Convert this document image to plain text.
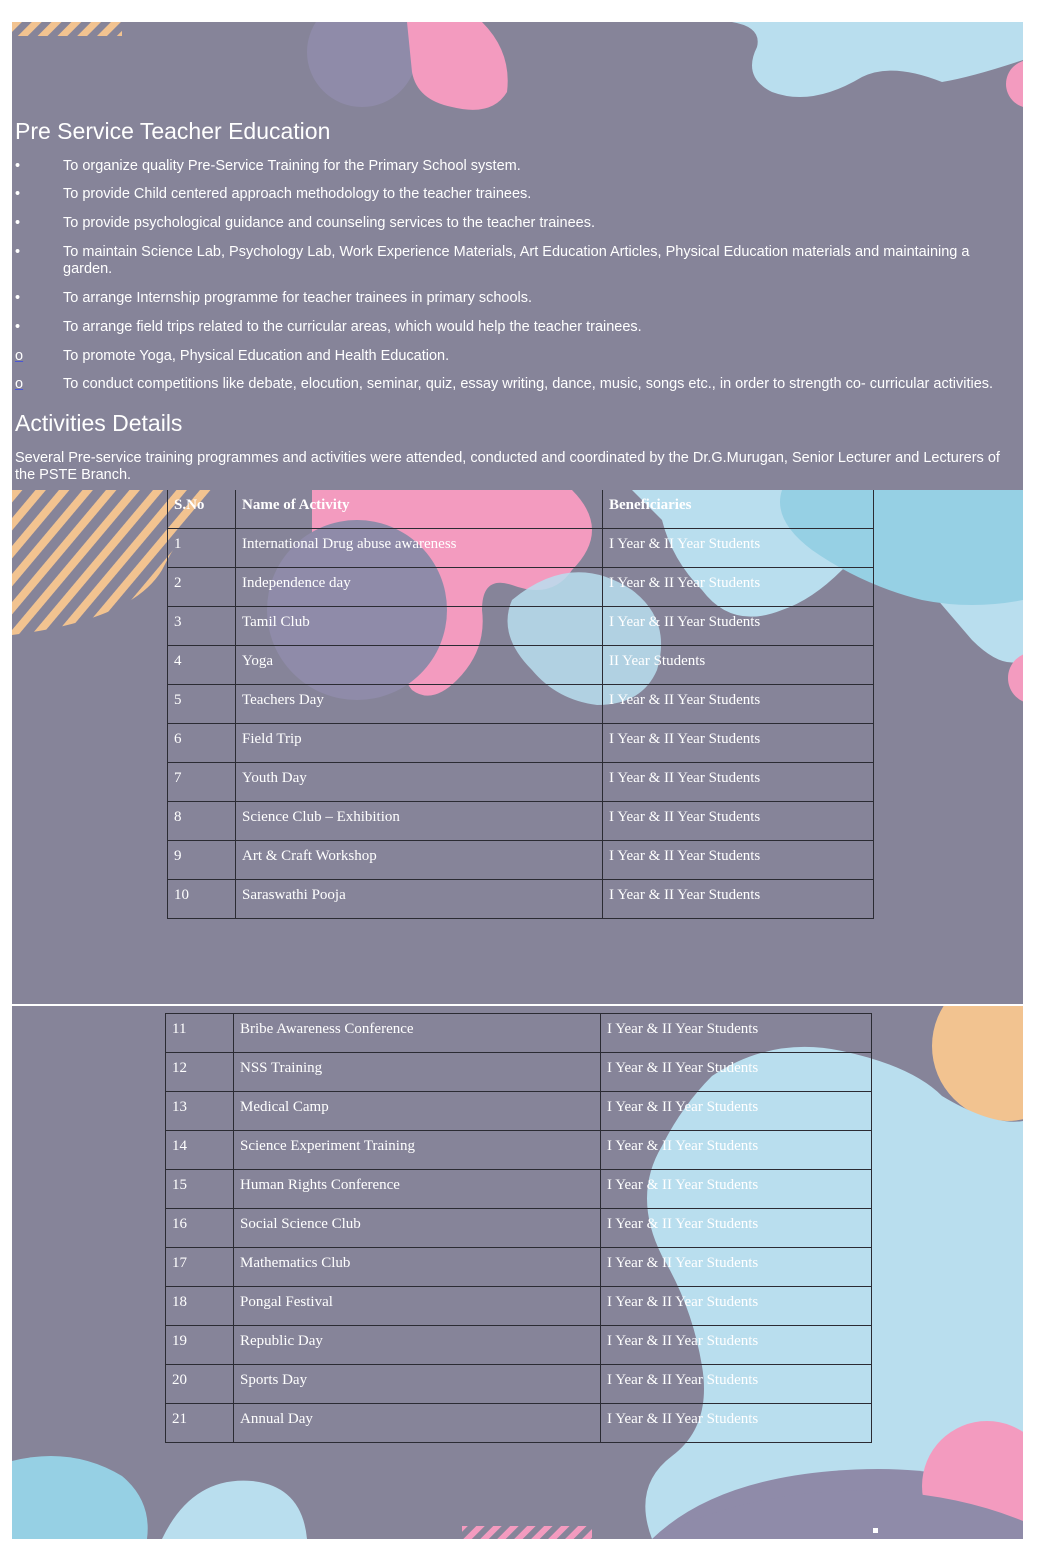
Pre Service Teacher Education
•	To organize quality Pre-Service Training for the Primary School system.
•	To provide Child centered approach methodology to the teacher trainees.
•	To provide psychological guidance and counseling services to the teacher trainees.
•	To maintain Science Lab, Psychology Lab, Work Experience Materials, Art Education Articles, Physical Education materials and maintaining a garden.
•	To arrange Internship programme for teacher trainees in primary schools.
•	To arrange field trips related to the curricular areas, which would help the teacher trainees.
o	To promote Yoga, Physical Education and Health Education.
o	To conduct competitions like debate, elocution, seminar, quiz, essay writing, dance, music, songs etc., in order to strength co- curricular activities.
Activities Details
Several Pre-service training programmes and activities were attended, conducted and coordinated by the Dr.G.Murugan, Senior Lecturer and Lecturers of the PSTE Branch.
S.No	Name of Activity	Beneficiaries
1	International Drug abuse awareness	I Year & II Year Students
2	Independence day	I Year & II Year Students
3	Tamil Club	I Year & II Year Students
4	Yoga	II Year Students
5	Teachers Day	I Year & II Year Students
6	Field Trip	I Year & II Year Students
7	Youth Day	I Year & II Year Students
8	Science Club – Exhibition	I Year & II Year Students
9	Art & Craft Workshop	I Year & II Year Students
10	Saraswathi Pooja	I Year & II Year Students
11	Bribe Awareness Conference	I Year & II Year Students
12	NSS Training	I Year & II Year Students
13	Medical Camp	I Year & II Year Students
14	Science Experiment Training	I Year & II Year Students
15	Human Rights Conference	I Year & II Year Students
16	Social Science Club	I Year & II Year Students
17	Mathematics Club	I Year & II Year Students
18	Pongal Festival	I Year & II Year Students
19	Republic Day	I Year & II Year Students
20	Sports Day	I Year & II Year Students
21	Annual Day	I Year & II Year Students
